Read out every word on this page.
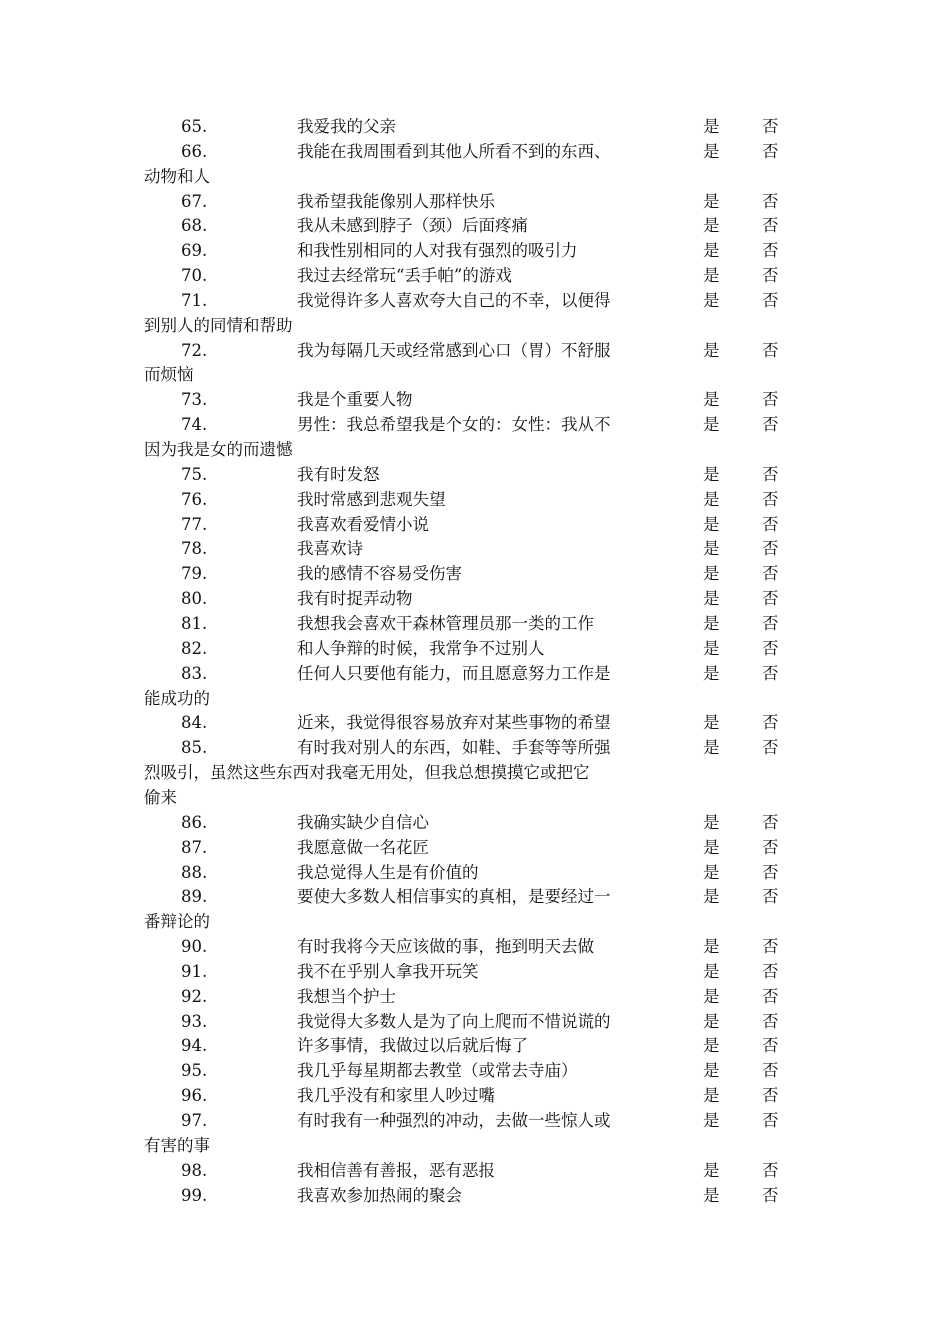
65.	我爱我的父亲	是	否
66.	我能在我周围看到其他人所看不到的东西、	是	否
动物和人
67.	我希望我能像别人那样快乐	是	否
68.	我从未感到脖子（颈）后面疼痛	是	否
69.	和我性别相同的人对我有强烈的吸引力	是	否
70.	我过去经常玩“丢手帕”的游戏	是	否
71.	我觉得许多人喜欢夸大自己的不幸，以便得	是	否
到别人的同情和帮助
72.	我为每隔几天或经常感到心口（胃）不舒服	是	否
而烦恼
73.	我是个重要人物	是	否
74.	男性：我总希望我是个女的：女性：我从不	是	否
因为我是女的而遗憾
75.	我有时发怒	是	否
76.	我时常感到悲观失望	是	否
77.	我喜欢看爱情小说	是	否
78.	我喜欢诗	是	否
79.	我的感情不容易受伤害	是	否
80.	我有时捉弄动物	是	否
81.	我想我会喜欢干森林管理员那一类的工作	是	否
82.	和人争辩的时候，我常争不过别人	是	否
83.	任何人只要他有能力，而且愿意努力工作是	是	否
能成功的
84.	近来，我觉得很容易放弃对某些事物的希望	是	否
85.	有时我对别人的东西，如鞋、手套等等所强	是	否
烈吸引，虽然这些东西对我毫无用处，但我总想摸摸它或把它
偷来
86.	我确实缺少自信心	是	否
87.	我愿意做一名花匠	是	否
88.	我总觉得人生是有价值的	是	否
89.	要使大多数人相信事实的真相，是要经过一	是	否
番辩论的
90.	有时我将今天应该做的事，拖到明天去做	是	否
91.	我不在乎别人拿我开玩笑	是	否
92.	我想当个护士	是	否
93.	我觉得大多数人是为了向上爬而不惜说谎的	是	否
94.	许多事情，我做过以后就后悔了	是	否
95.	我几乎每星期都去教堂（或常去寺庙）	是	否
96.	我几乎没有和家里人吵过嘴	是	否
97.	有时我有一种强烈的冲动，去做一些惊人或	是	否
有害的事
98.	我相信善有善报，恶有恶报	是	否
99.	我喜欢参加热闹的聚会	是	否
